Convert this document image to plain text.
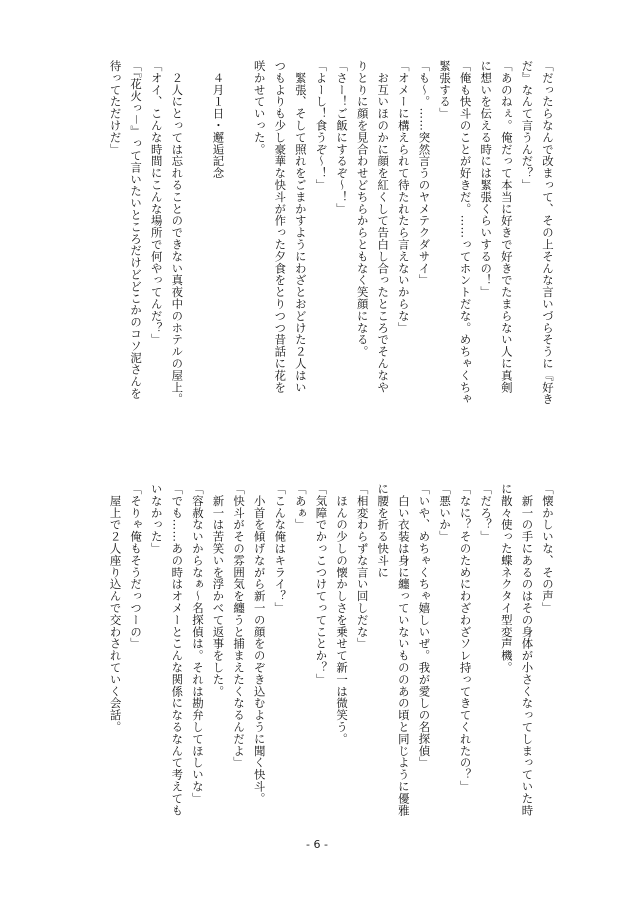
「だったらなんで改まって、その上そんな言いづらそうに『好き
だ』なんて言うんだ？」
「あのねぇ。俺だって本当に好きで好きでたまらない人に真剣
に想いを伝える時には緊張くらいするの！」
「俺も快斗のことが好きだ。……ってホントだな。めちゃくちゃ
緊張する」
「も～。……突然言うのヤメテクダサイ」
「オメーに構えられて待たれたら言えないからな」
　お互いほのかに顔を紅くして告白し合ったところでそんなや
りとりに顔を見合わせどちらからともなく笑顔になる。
「さー！ご飯にするぞ～！」
「よーし！食うぞ～！」
　緊張、そして照れをごまかすようにわざとおどけた２人はい
つもよりも少し豪華な快斗が作った夕食をとりつつ昔話に花を
咲かせていった。

　４月１日・邂逅記念

　２人にとっては忘れることのできない真夜中のホテルの屋上。
「オイ、こんな時間にこんな場所で何やってんだ？」
「『花火っ－』って言いたいところだけどどこかのコソ泥さんを
待ってただけだ」
「懐かしいな、その声」
　新一の手にあるのはその身体が小さくなってしまっていた時
に散々使った蝶ネクタイ型変声機。
「だろ？」
「なに？そのためにわざわざソレ持ってきてくれたの？」
「悪いか」
「いや、めちゃくちゃ嬉しいぜ。我が愛しの名探偵」
　白い衣装は身に纏っていないもののあの頃と同じように優雅
に腰を折る快斗に
「相変わらずな言い回しだな」
　ほんの少しの懐かしさを乗せて新一は微笑う。
「気障でかっこつけてってことか？」
「あぁ」
「こんな俺はキライ？」
　小首を傾げながら新一の顔をのぞき込むように聞く快斗。
「快斗がその雰囲気を纏うと捕まえたくなるんだよ」
　新一は苦笑いを浮かべて返事をした。
「容赦ないからなぁ～名探偵は。それは勘弁してほしいな」
「でも……あの時はオメーとこんな関係になるなんて考えても
いなかった」
「そりゃ俺もそうだっつーの」
　屋上で２人座り込んで交わされていく会話。
- 6 -
